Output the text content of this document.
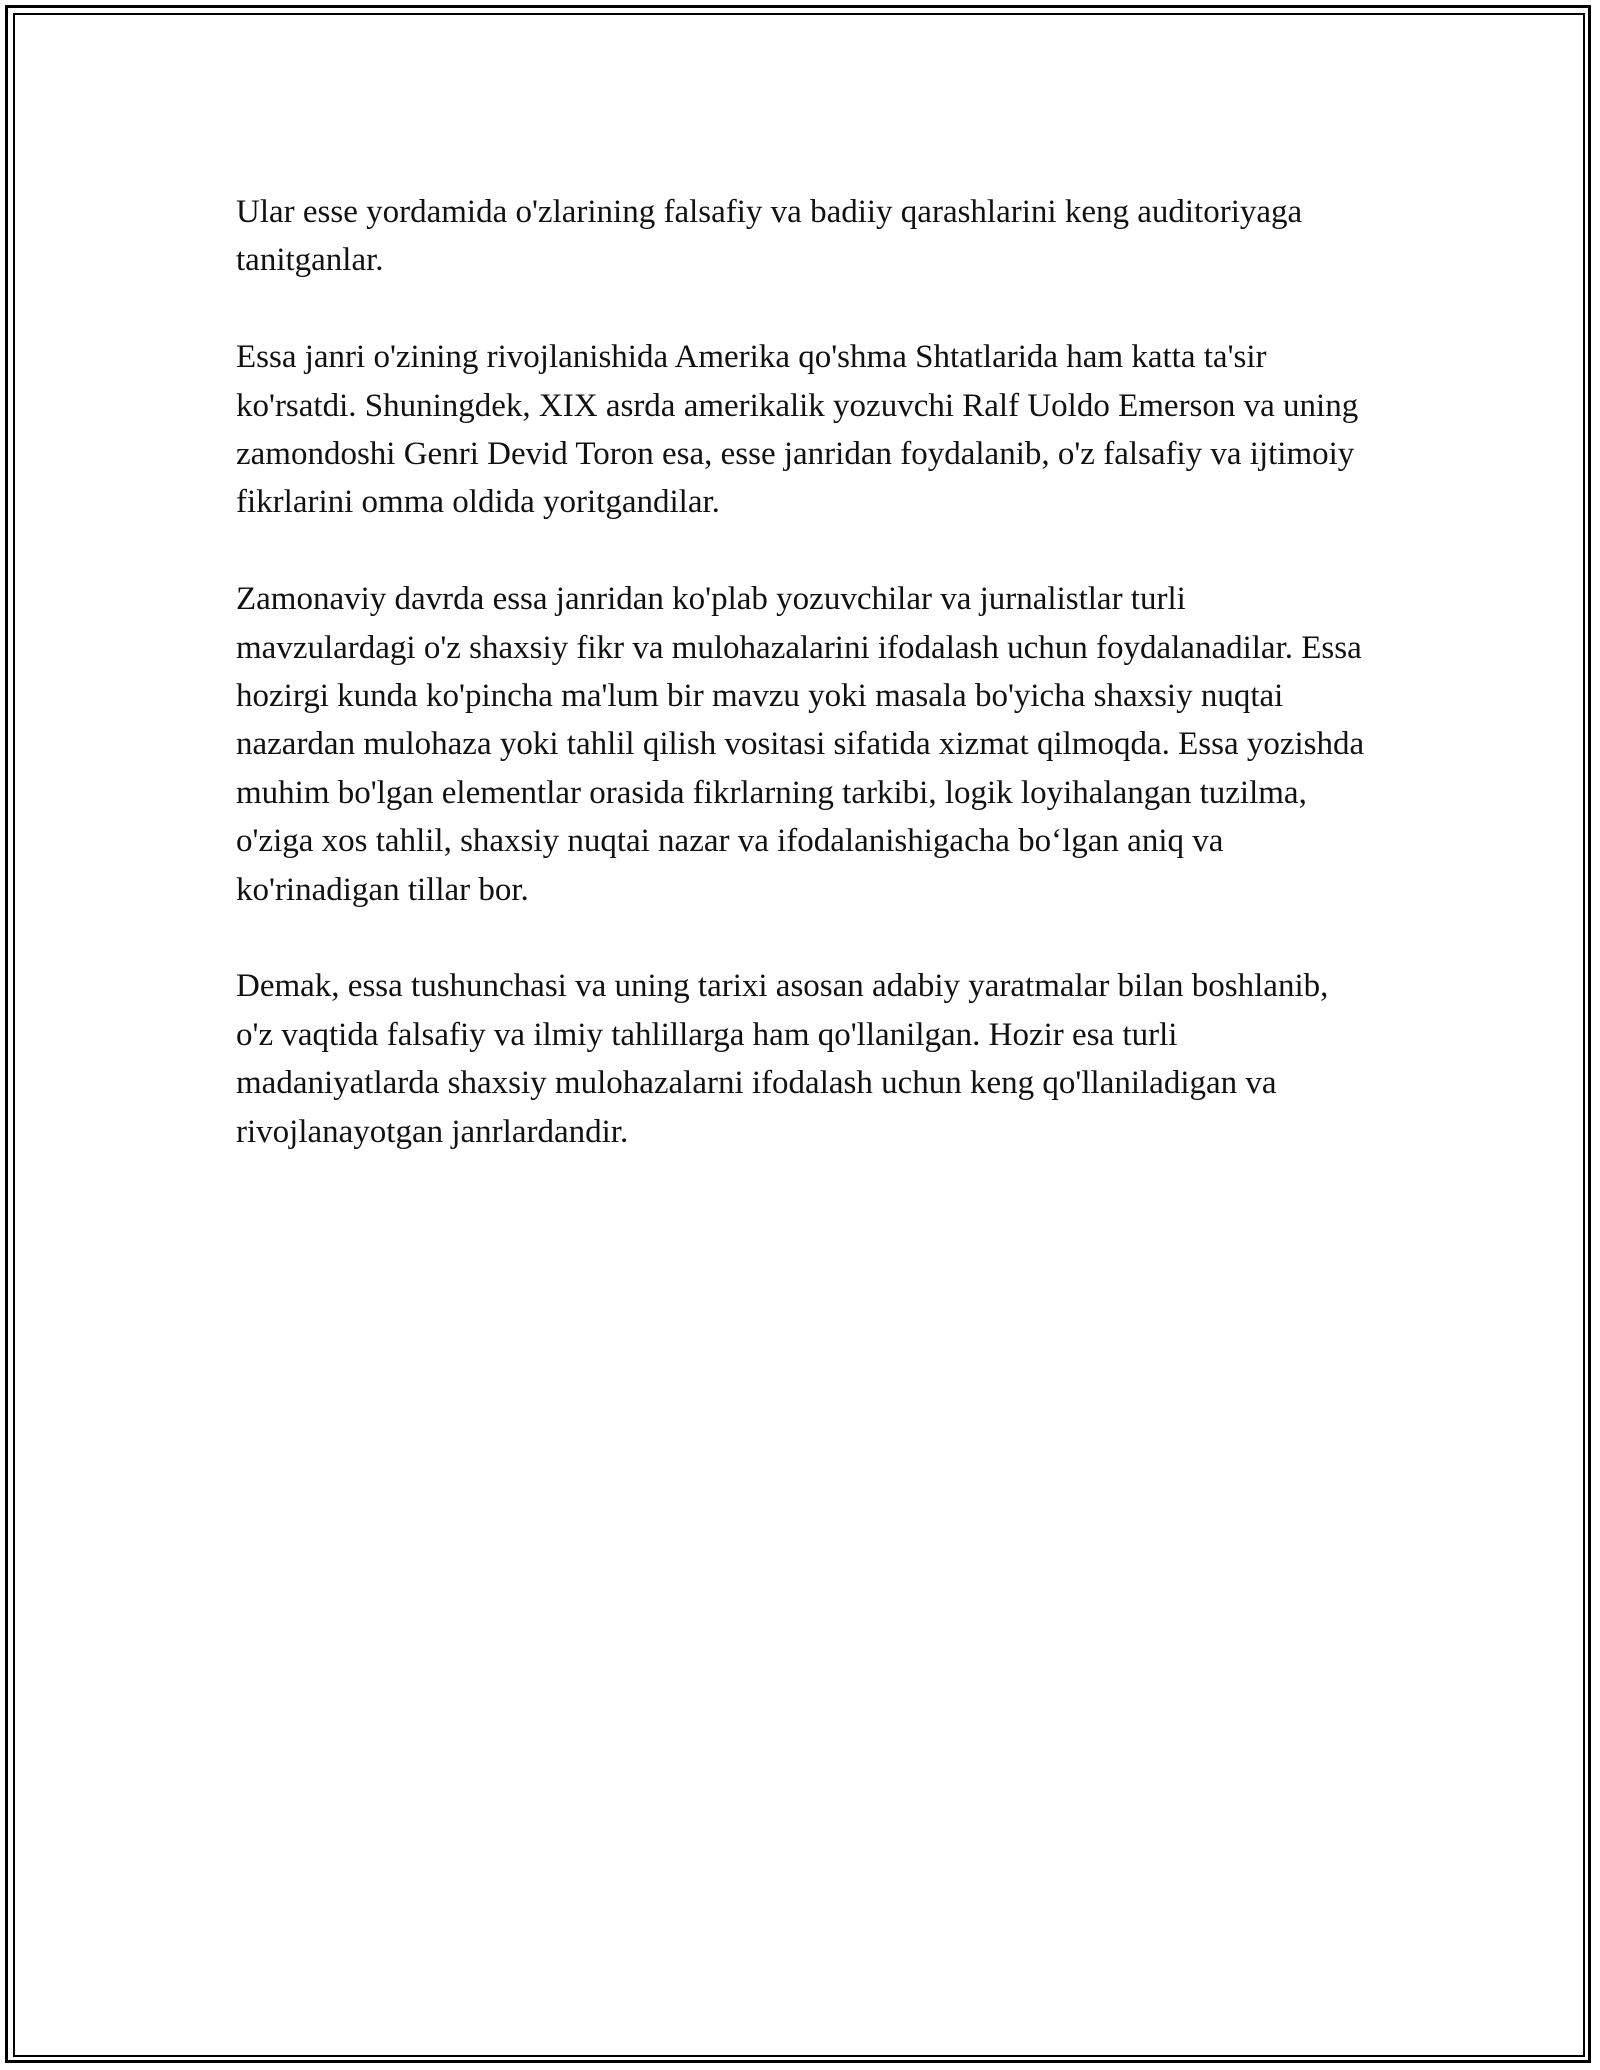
Ular esse yordamida o'zlarining falsafiy va badiiy qarashlarini keng auditoriyaga tanitganlar.

Essa janri o'zining rivojlanishida Amerika qo'shma Shtatlarida ham katta ta'sir ko'rsatdi. Shuningdek, XIX asrda amerikalik yozuvchi Ralf Uoldo Emerson va uning zamondoshi Genri Devid Toron esa, esse janridan foydalanib, o'z falsafiy va ijtimoiy fikrlarini omma oldida yoritgandilar.

Zamonaviy davrda essa janridan ko'plab yozuvchilar va jurnalistlar turli mavzulardagi o'z shaxsiy fikr va mulohazalarini ifodalash uchun foydalanadilar. Essa hozirgi kunda ko'pincha ma'lum bir mavzu yoki masala bo'yicha shaxsiy nuqtai nazardan mulohaza yoki tahlil qilish vositasi sifatida xizmat qilmoqda. Essa yozishda muhim bo'lgan elementlar orasida fikrlarning tarkibi, logik loyihalangan tuzilma, o'ziga xos tahlil, shaxsiy nuqtai nazar va ifodalanishigacha bo‘lgan aniq va ko'rinadigan tillar bor.

Demak, essa tushunchasi va uning tarixi asosan adabiy yaratmalar bilan boshlanib, o'z vaqtida falsafiy va ilmiy tahlillarga ham qo'llanilgan. Hozir esa turli madaniyatlarda shaxsiy mulohazalarni ifodalash uchun keng qo'llaniladigan va rivojlanayotgan janrlardandir.
